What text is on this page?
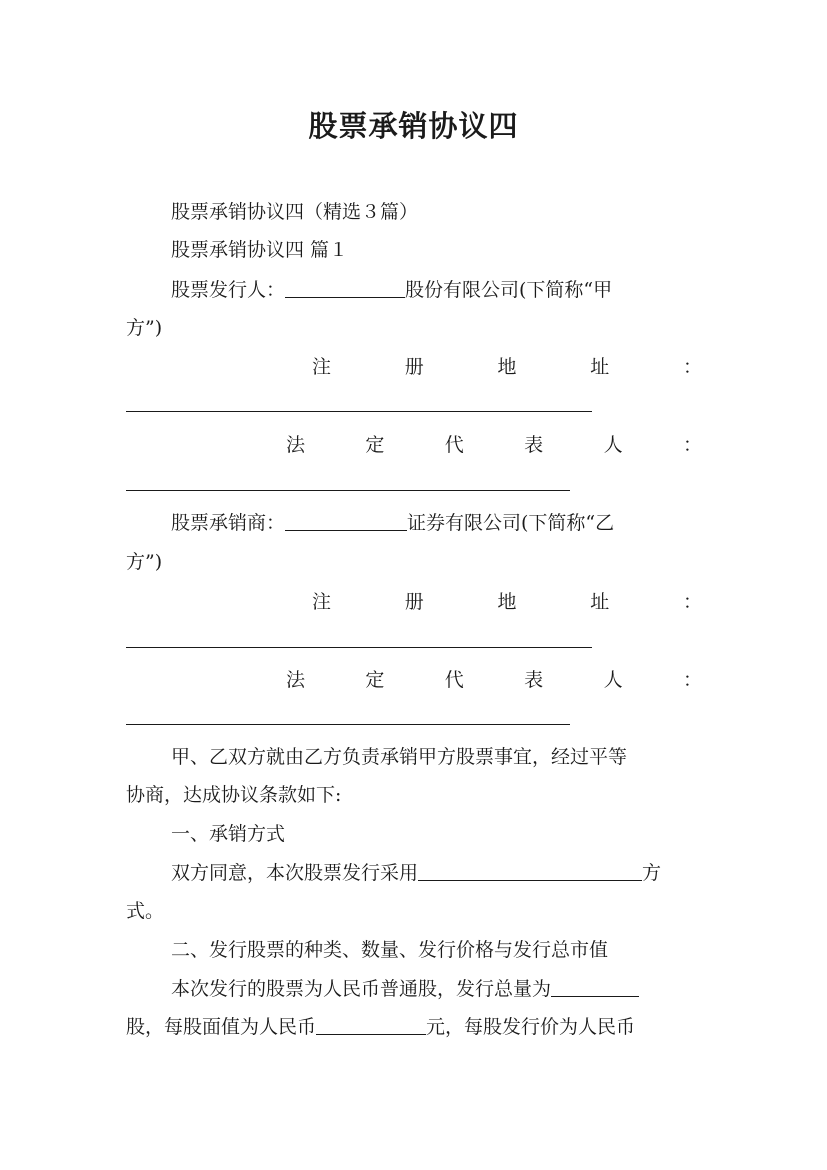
股票承销协议四
股票承销协议四（精选３篇）
股票承销协议四 篇１
股票发行人：	股份有限公司(下简称“甲
方”)
注	册	地	址	：
法	定	代	表	人	：
股票承销商：	证券有限公司(下简称“乙
方”)
注	册	地	址	：
法	定	代	表	人	：
甲、乙双方就由乙方负责承销甲方股票事宜，经过平等
协商，达成协议条款如下:
一、承销方式
双方同意，本次股票发行采用	方
式。
二、发行股票的种类、数量、发行价格与发行总市值
本次发行的股票为人民币普通股，发行总量为
股，每股面值为人民币	元，每股发行价为人民币
